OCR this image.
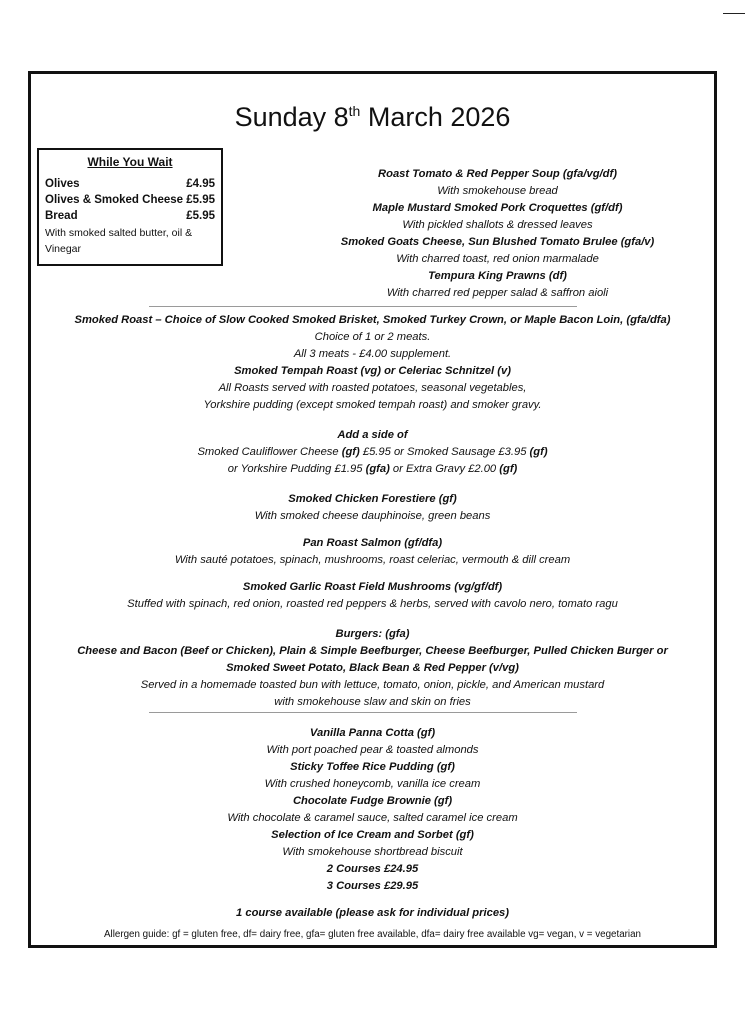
Sunday 8th March 2026
While You Wait
Olives	£4.95
Olives & Smoked Cheese £5.95
Bread	£5.95
With smoked salted butter, oil & Vinegar
Roast Tomato & Red Pepper Soup (gfa/vg/df)
With smokehouse bread
Maple Mustard Smoked Pork Croquettes (gf/df)
With pickled shallots & dressed leaves
Smoked Goats Cheese, Sun Blushed Tomato Brulee (gfa/v)
With charred toast, red onion marmalade
Tempura King Prawns (df)
With charred red pepper salad & saffron aioli
Smoked Roast – Choice of Slow Cooked Smoked Brisket, Smoked Turkey Crown, or Maple Bacon Loin, (gfa/dfa)
Choice of 1 or 2 meats.
All 3 meats - £4.00 supplement.
Smoked Tempah Roast (vg) or Celeriac Schnitzel (v)
All Roasts served with roasted potatoes, seasonal vegetables,
Yorkshire pudding (except smoked tempah roast) and smoker gravy.
Add a side of
Smoked Cauliflower Cheese (gf) £5.95 or Smoked Sausage £3.95 (gf)
or Yorkshire Pudding £1.95 (gfa) or Extra Gravy £2.00 (gf)
Smoked Chicken Forestiere (gf)
With smoked cheese dauphinoise, green beans
Pan Roast Salmon (gf/dfa)
With sauté potatoes, spinach, mushrooms, roast celeriac, vermouth & dill cream
Smoked Garlic Roast Field Mushrooms (vg/gf/df)
Stuffed with spinach, red onion, roasted red peppers & herbs, served with cavolo nero, tomato ragu
Burgers: (gfa)
Cheese and Bacon (Beef or Chicken), Plain & Simple Beefburger, Cheese Beefburger, Pulled Chicken Burger or
Smoked Sweet Potato, Black Bean & Red Pepper (v/vg)
Served in a homemade toasted bun with lettuce, tomato, onion, pickle, and American mustard
with smokehouse slaw and skin on fries
Vanilla Panna Cotta (gf)
With port poached pear & toasted almonds
Sticky Toffee Rice Pudding (gf)
With crushed honeycomb, vanilla ice cream
Chocolate Fudge Brownie (gf)
With chocolate & caramel sauce, salted caramel ice cream
Selection of Ice Cream and Sorbet (gf)
With smokehouse shortbread biscuit
2 Courses £24.95
3 Courses £29.95
1 course available (please ask for individual prices)
Allergen guide: gf = gluten free, df= dairy free, gfa= gluten free available, dfa= dairy free available vg= vegan, v = vegetarian
